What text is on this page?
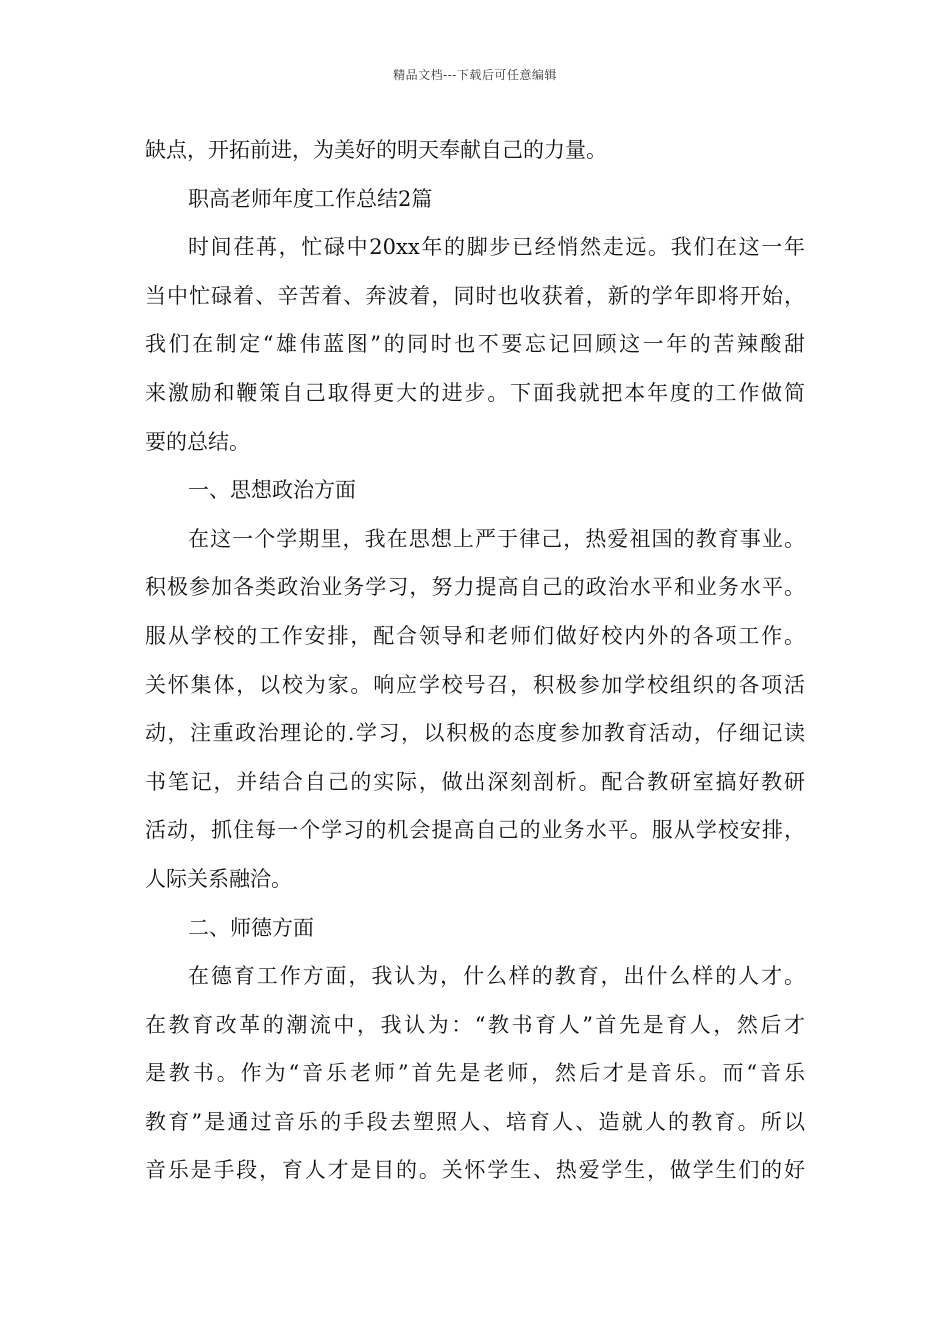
精品文档---下载后可任意编辑
缺点，开拓前进，为美好的明天奉献自己的力量。
职高老师年度工作总结2篇
时间荏苒，忙碌中20xx年的脚步已经悄然走远。我们在这一年
当中忙碌着、辛苦着、奔波着，同时也收获着，新的学年即将开始，
我们在制定“雄伟蓝图”的同时也不要忘记回顾这一年的苦辣酸甜
来激励和鞭策自己取得更大的进步。下面我就把本年度的工作做简
要的总结。
一、思想政治方面
在这一个学期里，我在思想上严于律己，热爱祖国的教育事业。
积极参加各类政治业务学习，努力提高自己的政治水平和业务水平。
服从学校的工作安排，配合领导和老师们做好校内外的各项工作。
关怀集体，以校为家。响应学校号召，积极参加学校组织的各项活
动，注重政治理论的.学习，以积极的态度参加教育活动，仔细记读
书笔记，并结合自己的实际，做出深刻剖析。配合教研室搞好教研
活动，抓住每一个学习的机会提高自己的业务水平。服从学校安排，
人际关系融洽。
二、师德方面
在德育工作方面，我认为，什么样的教育，出什么样的人才。
在教育改革的潮流中，我认为：“教书育人”首先是育人，然后才
是教书。作为“音乐老师”首先是老师，然后才是音乐。而“音乐
教育”是通过音乐的手段去塑照人、培育人、造就人的教育。所以
音乐是手段，育人才是目的。关怀学生、热爱学生，做学生们的好
